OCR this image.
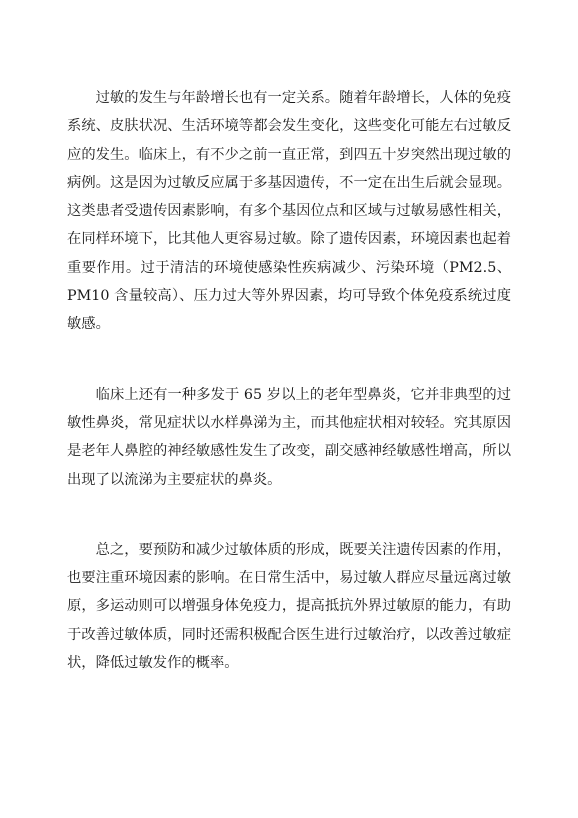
过敏的发生与年龄增长也有一定关系。随着年龄增长，人体的免疫系统、皮肤状况、生活环境等都会发生变化，这些变化可能左右过敏反应的发生。临床上，有不少之前一直正常，到四五十岁突然出现过敏的病例。这是因为过敏反应属于多基因遗传，不一定在出生后就会显现。这类患者受遗传因素影响，有多个基因位点和区域与过敏易感性相关，在同样环境下，比其他人更容易过敏。除了遗传因素，环境因素也起着重要作用。过于清洁的环境使感染性疾病减少、污染环境（PM2.5、PM10 含量较高）、压力过大等外界因素，均可导致个体免疫系统过度敏感。

临床上还有一种多发于 65 岁以上的老年型鼻炎，它并非典型的过敏性鼻炎，常见症状以水样鼻涕为主，而其他症状相对较轻。究其原因是老年人鼻腔的神经敏感性发生了改变，副交感神经敏感性增高，所以出现了以流涕为主要症状的鼻炎。

总之，要预防和减少过敏体质的形成，既要关注遗传因素的作用，也要注重环境因素的影响。在日常生活中，易过敏人群应尽量远离过敏原，多运动则可以增强身体免疫力，提高抵抗外界过敏原的能力，有助于改善过敏体质，同时还需积极配合医生进行过敏治疗，以改善过敏症状，降低过敏发作的概率。
